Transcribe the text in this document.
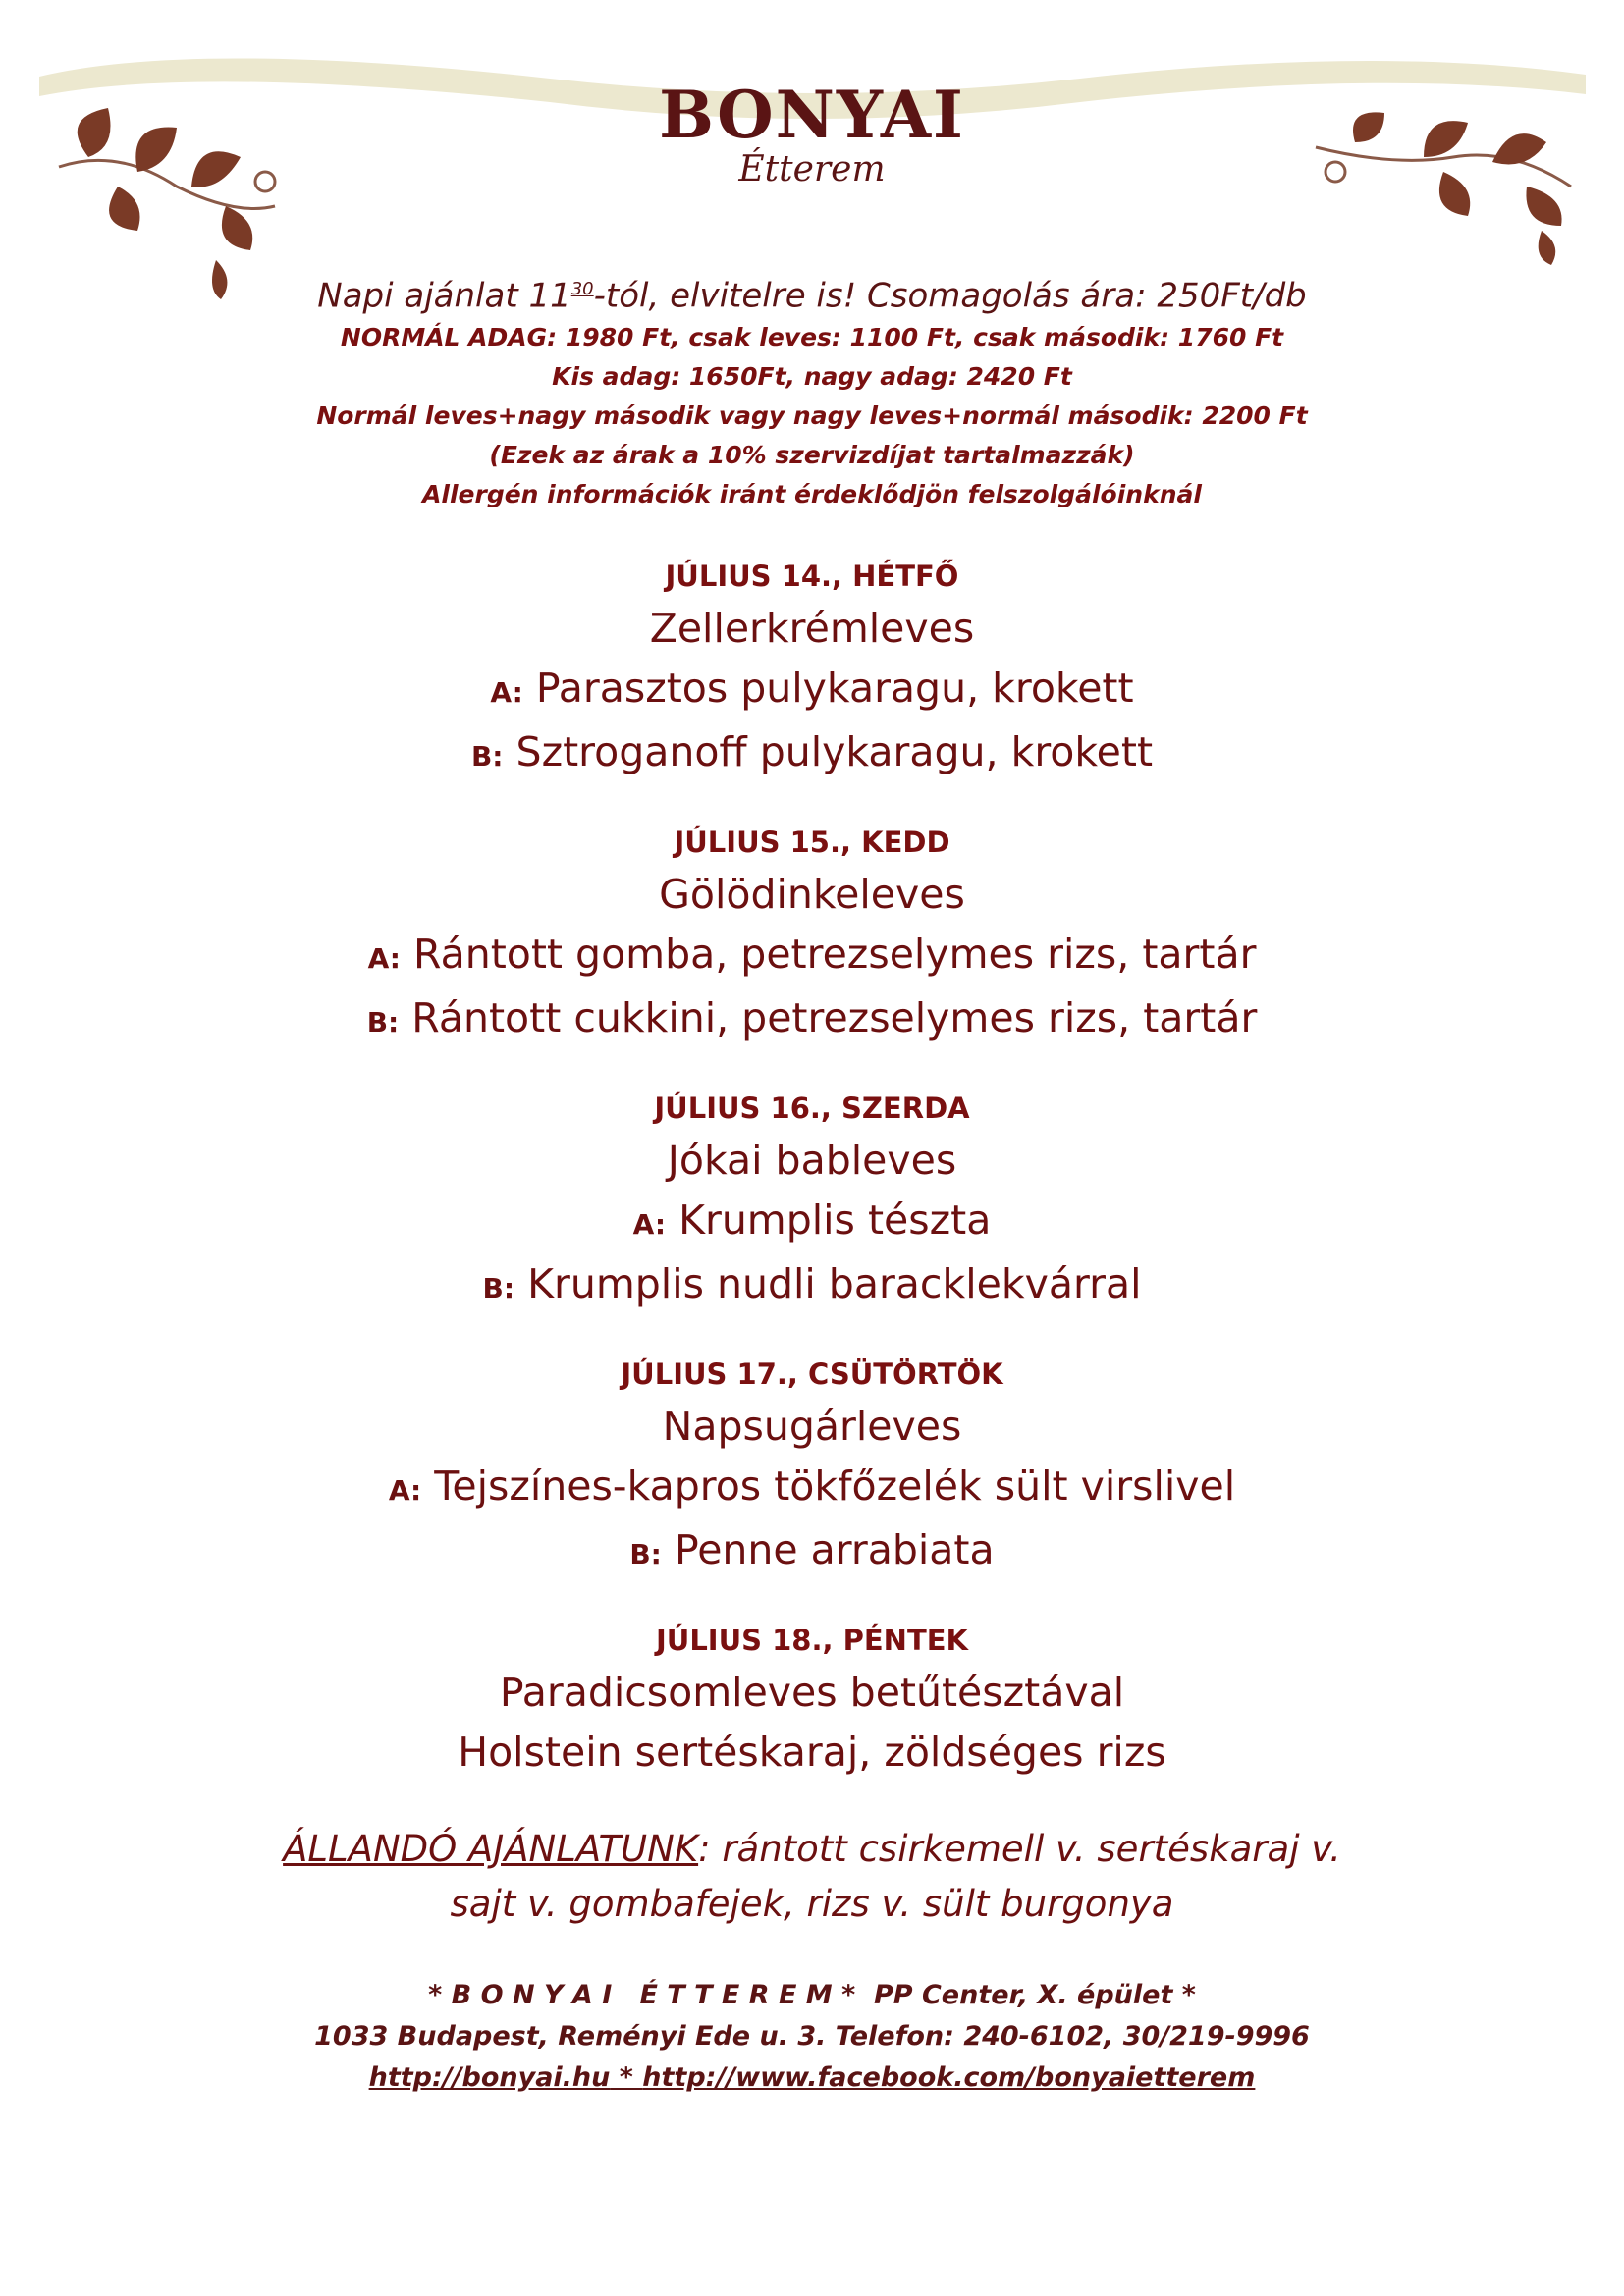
BONYAI
Étterem

Napi ajánlat $11^{30}$-tól, elvitelre is! Csomagolás ára: 250Ft/db

NORMÁL ADAG: 1980 Ft, csak leves: 1100 Ft, csak második: 1760 Ft

Kis adag: 1650Ft, nagy adag: 2420 Ft

Normál leves+nagy második vagy nagy leves+normál második: 2200 Ft

(Ezek az árak a 10% szervizdíjat tartalmazzák)

Allergén információk iránt érdeklődjön felszolgálóinknál

JÚLIUS 14., HÉTFŐ
Zellerkrémleves
A: Parasztos pulykaragu, krokett
B: Sztroganoff pulykaragu, krokett
JÚLIUS 15., KEDD
Gölödinkeleves
A: Rántott gomba, petrezselymes rizs, tartár
B: Rántott cukkini, petrezselymes rizs, tartár
JÚLIUS 16., SZERDA
Jókai bableves
A: Krumplis tészta
B: Krumplis nudli baracklekvárral
JÚLIUS 17., CSÜTÖRTÖK
Napsugárleves
A: Tejszínes-kapros tökfőzelék sült virslivel
B: Penne arrabiata
JÚLIUS 18., PÉNTEK
Paradicsomleves betűtésztával
Holstein sertéskaraj, zöldséges rizs
ÁLLANDÓ AJÁNLATUNK: rántott csirkemell v. sertéskaraj v.
sajt v. gombafejek, rizs v. sült burgonya
* B O N Y A I   É T T E R E M *  PP Center, X. épület *
1033 Budapest, Reményi Ede u. 3. Telefon: 240-6102, 30/219-9996
http://bonyai.hu * http://www.facebook.com/bonyaietterem
